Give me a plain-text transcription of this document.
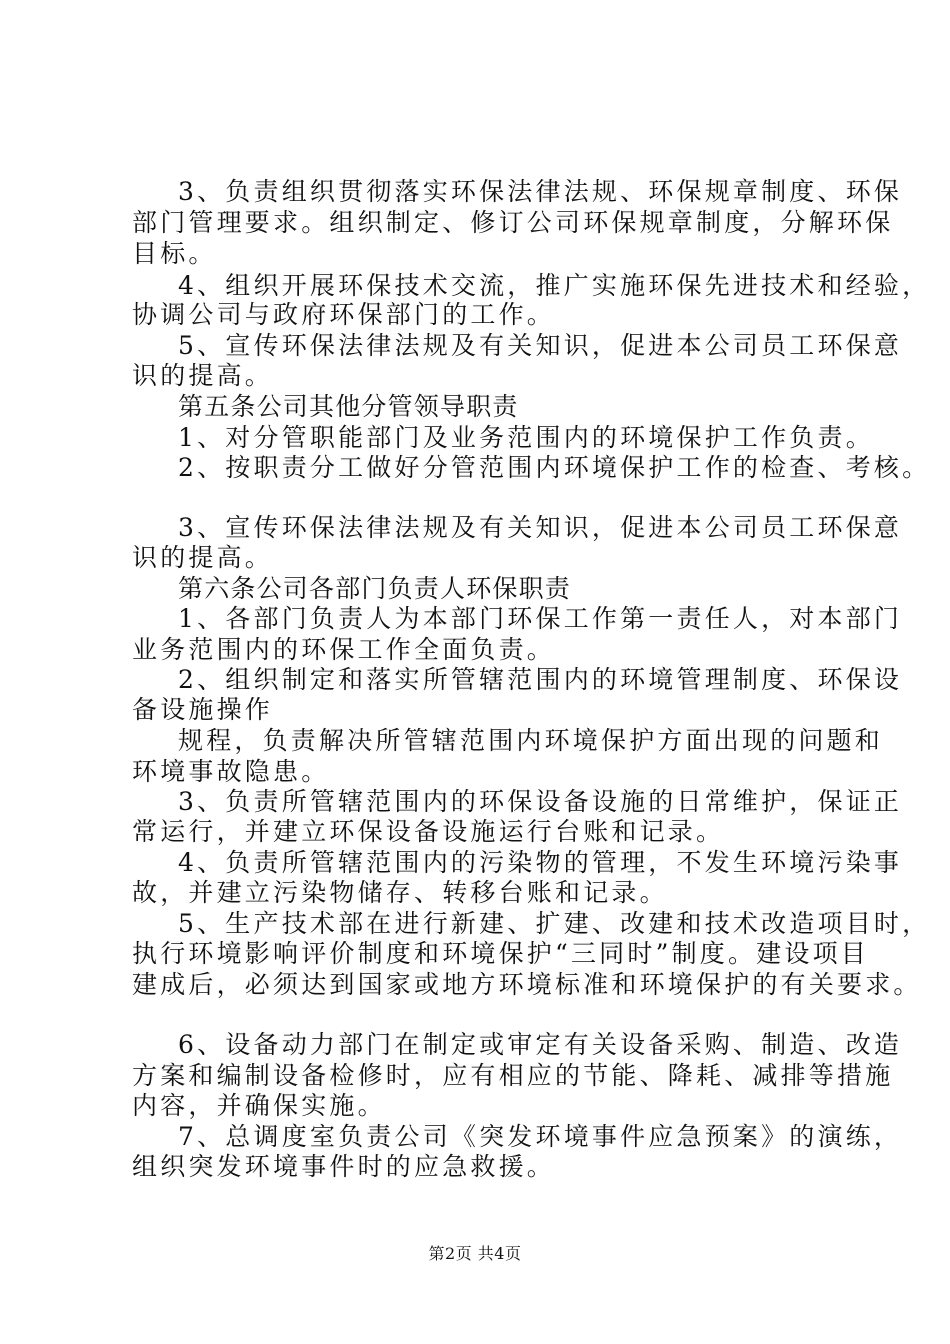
3、负责组织贯彻落实环保法律法规、环保规章制度、环保
部门管理要求。组织制定、修订公司环保规章制度，分解环保
目标。
4、组织开展环保技术交流，推广实施环保先进技术和经验，
协调公司与政府环保部门的工作。
5、宣传环保法律法规及有关知识，促进本公司员工环保意
识的提高。
第五条公司其他分管领导职责
1、对分管职能部门及业务范围内的环境保护工作负责。
2、按职责分工做好分管范围内环境保护工作的检查、考核。
3、宣传环保法律法规及有关知识，促进本公司员工环保意
识的提高。
第六条公司各部门负责人环保职责
1、各部门负责人为本部门环保工作第一责任人，对本部门
业务范围内的环保工作全面负责。
2、组织制定和落实所管辖范围内的环境管理制度、环保设
备设施操作
规程，负责解决所管辖范围内环境保护方面出现的问题和
环境事故隐患。
3、负责所管辖范围内的环保设备设施的日常维护，保证正
常运行，并建立环保设备设施运行台账和记录。
4、负责所管辖范围内的污染物的管理，不发生环境污染事
故，并建立污染物储存、转移台账和记录。
5、生产技术部在进行新建、扩建、改建和技术改造项目时，
执行环境影响评价制度和环境保护“三同时”制度。建设项目
建成后，必须达到国家或地方环境标准和环境保护的有关要求。
6、设备动力部门在制定或审定有关设备采购、制造、改造
方案和编制设备检修时，应有相应的节能、降耗、减排等措施
内容，并确保实施。
7、总调度室负责公司《突发环境事件应急预案》的演练，
组织突发环境事件时的应急救援。
第2页 共4页
